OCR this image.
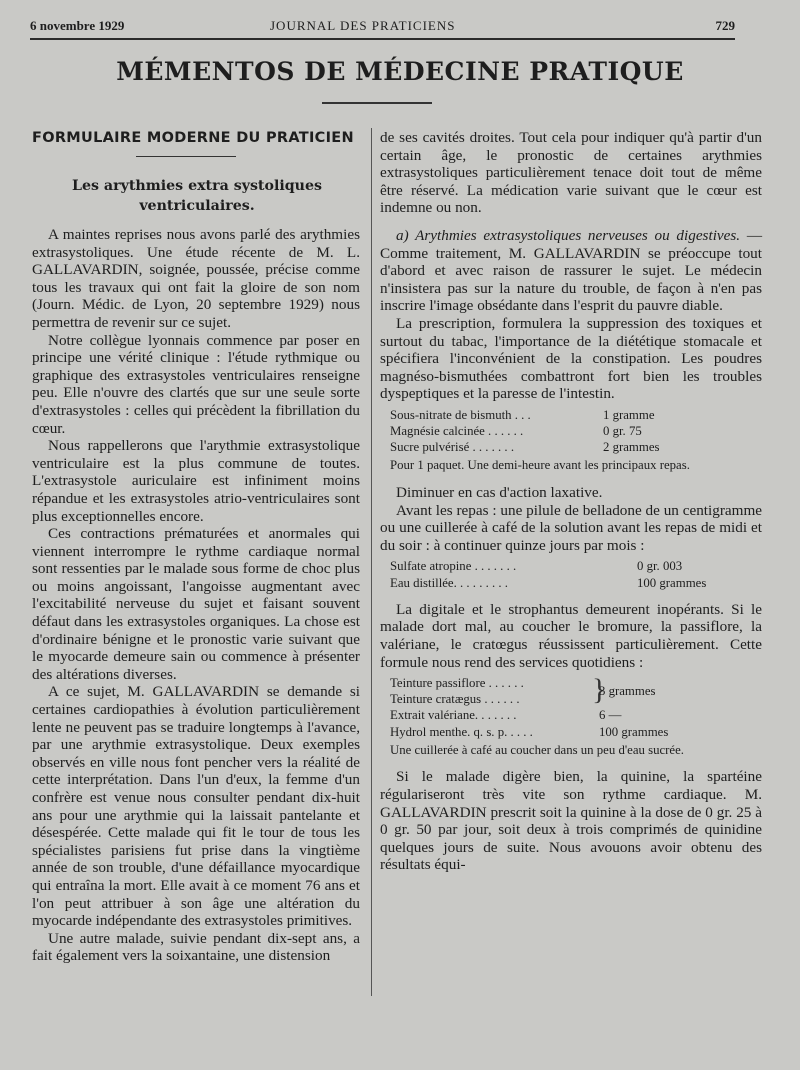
6 novembre 1929	JOURNAL DES PRATICIENS	729
MÉMENTOS DE MÉDECINE PRATIQUE
FORMULAIRE MODERNE DU PRATICIEN
Les arythmies extra systoliques ventriculaires.

A maintes reprises nous avons parlé des arythmies extrasystoliques. Une étude récente de M. L. GALLAVARDIN, soignée, poussée, précise comme tous les travaux qui ont fait la gloire de son nom (Journ. Médic. de Lyon, 20 septembre 1929) nous permettra de revenir sur ce sujet.

Notre collègue lyonnais commence par poser en principe une vérité clinique : l'étude rythmique ou graphique des extrasystoles ventriculaires renseigne peu. Elle n'ouvre des clartés que sur une seule sorte d'extrasystoles : celles qui précèdent la fibrillation du cœur.

Nous rappellerons que l'arythmie extrasystolique ventriculaire est la plus commune de toutes. L'extrasystole auriculaire est infiniment moins répandue et les extrasystoles atrio-ventriculaires sont plus exceptionnelles encore.

Ces contractions prématurées et anormales qui viennent interrompre le rythme cardiaque normal sont ressenties par le malade sous forme de choc plus ou moins angoissant, l'angoisse augmentant avec l'excitabilité nerveuse du sujet et faisant souvent défaut dans les extrasystoles organiques. La chose est d'ordinaire bénigne et le pronostic varie suivant que le myocarde demeure sain ou commence à présenter des altérations diverses.

A ce sujet, M. GALLAVARDIN se demande si certaines cardiopathies à évolution particulièrement lente ne peuvent pas se traduire longtemps à l'avance, par une arythmie extrasystolique. Deux exemples observés en ville nous font pencher vers la réalité de cette interprétation. Dans l'un d'eux, la femme d'un confrère est venue nous consulter pendant dix-huit ans pour une arythmie qui la laissait pantelante et désespérée. Cette malade qui fit le tour de tous les spécialistes parisiens fut prise dans la vingtième année de son trouble, d'une défaillance myocardique qui entraîna la mort. Elle avait à ce moment 76 ans et l'on peut attribuer à son âge une altération du myocarde indépendante des extrasystoles primitives.

Une autre malade, suivie pendant dix-sept ans, a fait également vers la soixantaine, une distension

de ses cavités droites. Tout cela pour indiquer qu'à partir d'un certain âge, le pronostic de certaines arythmies extrasystoliques particulièrement tenace doit tout de même être réservé. La médication varie suivant que le cœur est indemne ou non.

a) Arythmies extrasystoliques nerveuses ou digestives. — Comme traitement, M. GALLAVARDIN se préoccupe tout d'abord et avec raison de rassurer le sujet. Le médecin n'insistera pas sur la nature du trouble, de façon à n'en pas inscrire l'image obsédante dans l'esprit du pauvre diable.

La prescription, formulera la suppression des toxiques et surtout du tabac, l'importance de la diététique stomacale et spécifiera l'inconvénient de la constipation. Les poudres magnéso-bismuthées combattront fort bien les troubles dyspeptiques et la paresse de l'intestin.

Sous-nitrate de bismuth . . .	1 gramme
Magnésie calcinée . . . . . .	0 gr. 75
Sucre pulvérisé . . . . . . .	2 grammes
Pour 1 paquet. Une demi-heure avant les principaux repas.

Diminuer en cas d'action laxative.

Avant les repas : une pilule de belladone de un centigramme ou une cuillerée à café de la solution avant les repas de midi et du soir : à continuer quinze jours par mois :

Sulfate atropine . . . . . . .	0 gr. 003
Eau distillée. . . . . . . . .	100 grammes

La digitale et le strophantus demeurent inopérants. Si le malade dort mal, au coucher le bromure, la passiflore, la valériane, le cratœgus réussissent particulièrement. Cette formule nous rend des services quotidiens :

Teinture passiflore . . . . . .
Teinture cratægus . . . . . . }
3 grammes
Extrait valériane. . . . . . .	6 —
Hydrol menthe. q. s. p. . . . .	100 grammes
Une cuillerée à café au coucher dans un peu d'eau sucrée.

Si le malade digère bien, la quinine, la spartéine régulariseront très vite son rythme cardiaque. M. GALLAVARDIN prescrit soit la quinine à la dose de 0 gr. 25 à 0 gr. 50 par jour, soit deux à trois comprimés de quinidine quelques jours de suite. Nous avouons avoir obtenu des résultats équi-
